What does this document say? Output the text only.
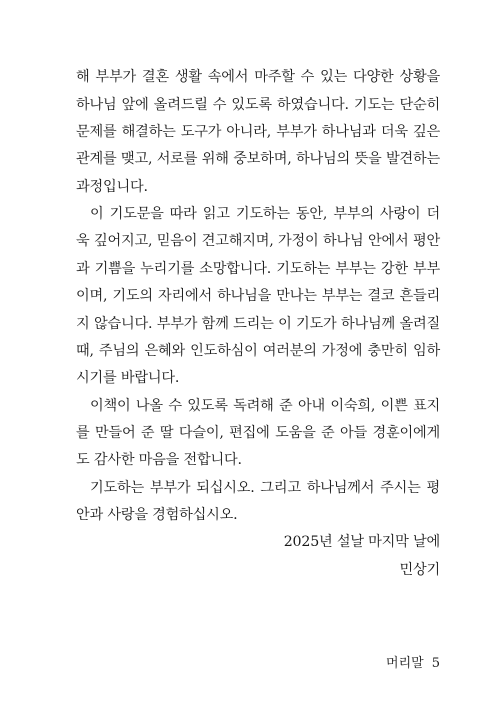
해 부부가 결혼 생활 속에서 마주할 수 있는 다양한 상황을
하나님 앞에 올려드릴 수 있도록 하였습니다. 기도는 단순히
문제를 해결하는 도구가 아니라, 부부가 하나님과 더욱 깊은
관계를 맺고, 서로를 위해 중보하며, 하나님의 뜻을 발견하는
과정입니다.
이 기도문을 따라 읽고 기도하는 동안, 부부의 사랑이 더
욱 깊어지고, 믿음이 견고해지며, 가정이 하나님 안에서 평안
과 기쁨을 누리기를 소망합니다. 기도하는 부부는 강한 부부
이며, 기도의 자리에서 하나님을 만나는 부부는 결코 흔들리
지 않습니다. 부부가 함께 드리는 이 기도가 하나님께 올려질
때, 주님의 은혜와 인도하심이 여러분의 가정에 충만히 임하
시기를 바랍니다.
이책이 나올 수 있도록 독려해 준 아내 이숙희, 이쁜 표지
를 만들어 준 딸 다슬이, 편집에 도움을 준 아들 경훈이에게
도 감사한 마음을 전합니다.
기도하는 부부가 되십시오. 그리고 하나님께서 주시는 평
안과 사랑을 경험하십시오.
2025년 설날 마지막 날에
민상기
머리말 5
